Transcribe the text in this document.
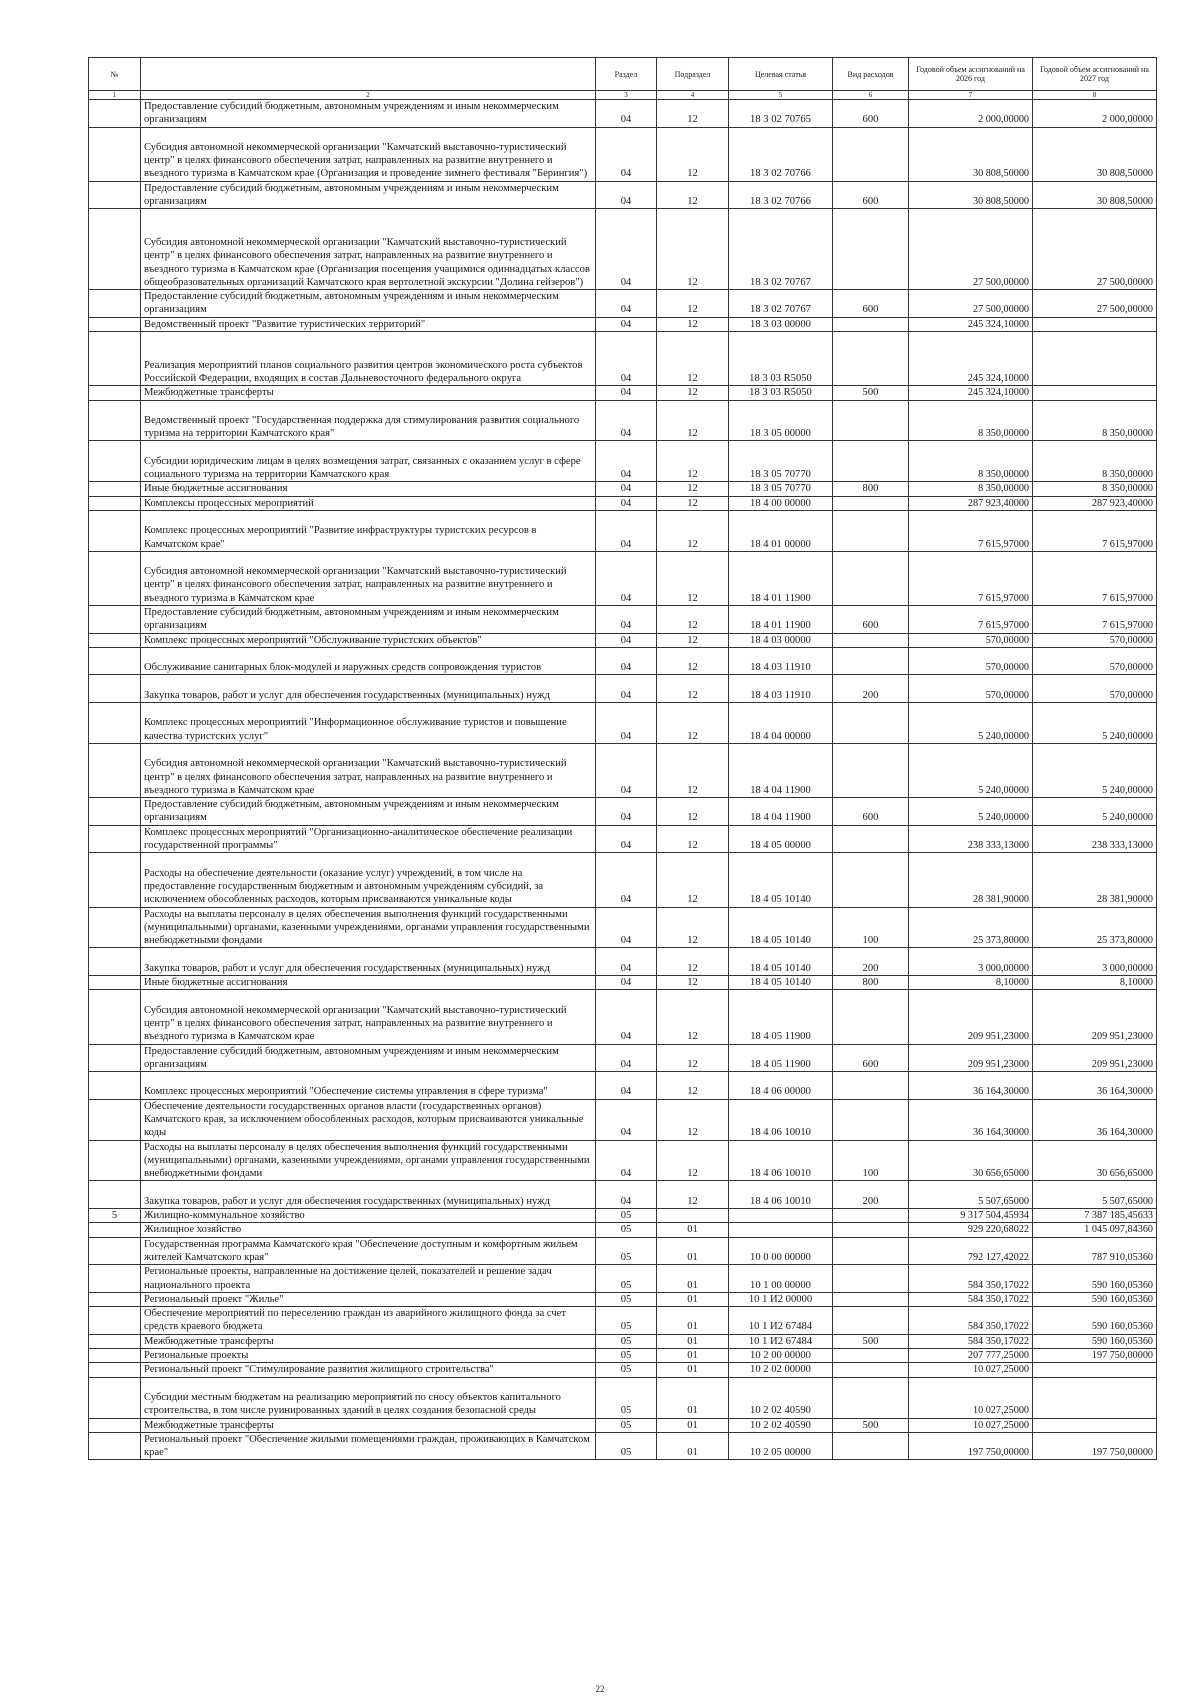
№		Раздел	Подраздел	Целевая статья	Вид расходов	Годовой объем ассигнований на 2026 год	Годовой объем ассигнований на 2027 год
1	2	3	4	5	6	7	8
	Предоставление субсидий бюджетным, автономным учреждениям и иным некоммерческим организациям	04	12	18 3 02 70765	600	2 000,00000	2 000,00000
	Субсидия автономной некоммерческой организации "Камчатский выставочно-туристический центр" в целях финансового обеспечения затрат, направленных на развитие внутреннего и въездного туризма в Камчатском крае (Организация и проведение зимнего фестиваля "Берингия")	04	12	18 3 02 70766		30 808,50000	30 808,50000
	Предоставление субсидий бюджетным, автономным учреждениям и иным некоммерческим организациям	04	12	18 3 02 70766	600	30 808,50000	30 808,50000
	Субсидия автономной некоммерческой организации "Камчатский выставочно-туристический центр" в целях финансового обеспечения затрат, направленных на развитие внутреннего и въездного туризма в Камчатском крае (Организация посещения учащимися одиннадцатых классов общеобразовательных организаций Камчатского края вертолетной экскурсии "Долина гейзеров")	04	12	18 3 02 70767		27 500,00000	27 500,00000
	Предоставление субсидий бюджетным, автономным учреждениям и иным некоммерческим организациям	04	12	18 3 02 70767	600	27 500,00000	27 500,00000
	Ведомственный проект "Развитие туристических территорий"	04	12	18 3 03 00000		245 324,10000	
	Реализация мероприятий планов социального развития центров экономического роста субъектов Российской Федерации, входящих в состав Дальневосточного федерального округа	04	12	18 3 03 R5050		245 324,10000	
	Межбюджетные трансферты	04	12	18 3 03 R5050	500	245 324,10000	
	Ведомственный проект "Государственная поддержка для стимулирования развития социального туризма на территории Камчатского края"	04	12	18 3 05 00000		8 350,00000	8 350,00000
	Субсидии юридическим лицам в целях возмещения затрат, связанных с оказанием услуг в сфере социального туризма на территории Камчатского края	04	12	18 3 05 70770		8 350,00000	8 350,00000
	Иные бюджетные ассигнования	04	12	18 3 05 70770	800	8 350,00000	8 350,00000
	Комплексы процессных мероприятий	04	12	18 4 00 00000		287 923,40000	287 923,40000
	Комплекс процессных мероприятий "Развитие инфраструктуры туристских ресурсов в Камчатском крае"	04	12	18 4 01 00000		7 615,97000	7 615,97000
	Субсидия автономной некоммерческой организации "Камчатский выставочно-туристический центр" в целях финансового обеспечения затрат, направленных на развитие внутреннего и въездного туризма в Камчатском крае	04	12	18 4 01 11900		7 615,97000	7 615,97000
	Предоставление субсидий бюджетным, автономным учреждениям и иным некоммерческим организациям	04	12	18 4 01 11900	600	7 615,97000	7 615,97000
	Комплекс процессных мероприятий "Обслуживание туристских объектов"	04	12	18 4 03 00000		570,00000	570,00000
	Обслуживание санитарных блок-модулей и наружных средств сопровождения туристов	04	12	18 4 03 11910		570,00000	570,00000
	Закупка товаров, работ и услуг для обеспечения государственных (муниципальных) нужд	04	12	18 4 03 11910	200	570,00000	570,00000
	Комплекс процессных мероприятий "Информационное обслуживание туристов и повышение качества туристских услуг"	04	12	18 4 04 00000		5 240,00000	5 240,00000
	Субсидия автономной некоммерческой организации "Камчатский выставочно-туристический центр" в целях финансового обеспечения затрат, направленных на развитие внутреннего и въездного туризма в Камчатском крае	04	12	18 4 04 11900		5 240,00000	5 240,00000
	Предоставление субсидий бюджетным, автономным учреждениям и иным некоммерческим организациям	04	12	18 4 04 11900	600	5 240,00000	5 240,00000
	Комплекс процессных мероприятий "Организационно-аналитическое обеспечение реализации государственной программы"	04	12	18 4 05 00000		238 333,13000	238 333,13000
	Расходы на обеспечение деятельности (оказание услуг) учреждений, в том числе на предоставление государственным бюджетным и автономным учреждениям субсидий, за исключением обособленных расходов, которым присваиваются уникальные коды	04	12	18 4 05 10140		28 381,90000	28 381,90000
	Расходы на выплаты персоналу в целях обеспечения выполнения функций государственными (муниципальными) органами, казенными учреждениями, органами управления государственными внебюджетными фондами	04	12	18 4 05 10140	100	25 373,80000	25 373,80000
	Закупка товаров, работ и услуг для обеспечения государственных (муниципальных) нужд	04	12	18 4 05 10140	200	3 000,00000	3 000,00000
	Иные бюджетные ассигнования	04	12	18 4 05 10140	800	8,10000	8,10000
	Субсидия автономной некоммерческой организации "Камчатский выставочно-туристический центр" в целях финансового обеспечения затрат, направленных на развитие внутреннего и въездного туризма в Камчатском крае	04	12	18 4 05 11900		209 951,23000	209 951,23000
	Предоставление субсидий бюджетным, автономным учреждениям и иным некоммерческим организациям	04	12	18 4 05 11900	600	209 951,23000	209 951,23000
	Комплекс процессных мероприятий "Обеспечение системы управления в сфере туризма"	04	12	18 4 06 00000		36 164,30000	36 164,30000
	Обеспечение деятельности государственных органов власти (государственных органов) Камчатского края, за исключением обособленных расходов, которым присваиваются уникальные коды	04	12	18 4 06 10010		36 164,30000	36 164,30000
	Расходы на выплаты персоналу в целях обеспечения выполнения функций государственными (муниципальными) органами, казенными учреждениями, органами управления государственными внебюджетными фондами	04	12	18 4 06 10010	100	30 656,65000	30 656,65000
	Закупка товаров, работ и услуг для обеспечения государственных (муниципальных) нужд	04	12	18 4 06 10010	200	5 507,65000	5 507,65000
5	Жилищно-коммунальное хозяйство	05				9 317 504,45934	7 387 185,45633
	Жилищное хозяйство	05	01			929 220,68022	1 045 097,84360
	Государственная программа Камчатского края "Обеспечение доступным и комфортным жильем жителей Камчатского края"	05	01	10 0 00 00000		792 127,42022	787 910,05360
	Региональные проекты, направленные на достижение целей, показателей и решение задач национального проекта	05	01	10 1 00 00000		584 350,17022	590 160,05360
	Региональный проект "Жилье"	05	01	10 1 И2 00000		584 350,17022	590 160,05360
	Обеспечение мероприятий по переселению граждан из аварийного жилищного фонда за счет средств краевого бюджета	05	01	10 1 И2 67484		584 350,17022	590 160,05360
	Межбюджетные трансферты	05	01	10 1 И2 67484	500	584 350,17022	590 160,05360
	Региональные проекты	05	01	10 2 00 00000		207 777,25000	197 750,00000
	Региональный проект "Стимулирование развития жилищного строительства"	05	01	10 2 02 00000		10 027,25000	
	Субсидии местным бюджетам на реализацию мероприятий по сносу объектов капитального строительства, в том числе руинированных зданий в целях создания безопасной среды	05	01	10 2 02 40590		10 027,25000	
	Межбюджетные трансферты	05	01	10 2 02 40590	500	10 027,25000	
	Региональный проект "Обеспечение жилыми помещениями граждан, проживающих в Камчатском крае"	05	01	10 2 05 00000		197 750,00000	197 750,00000
22
